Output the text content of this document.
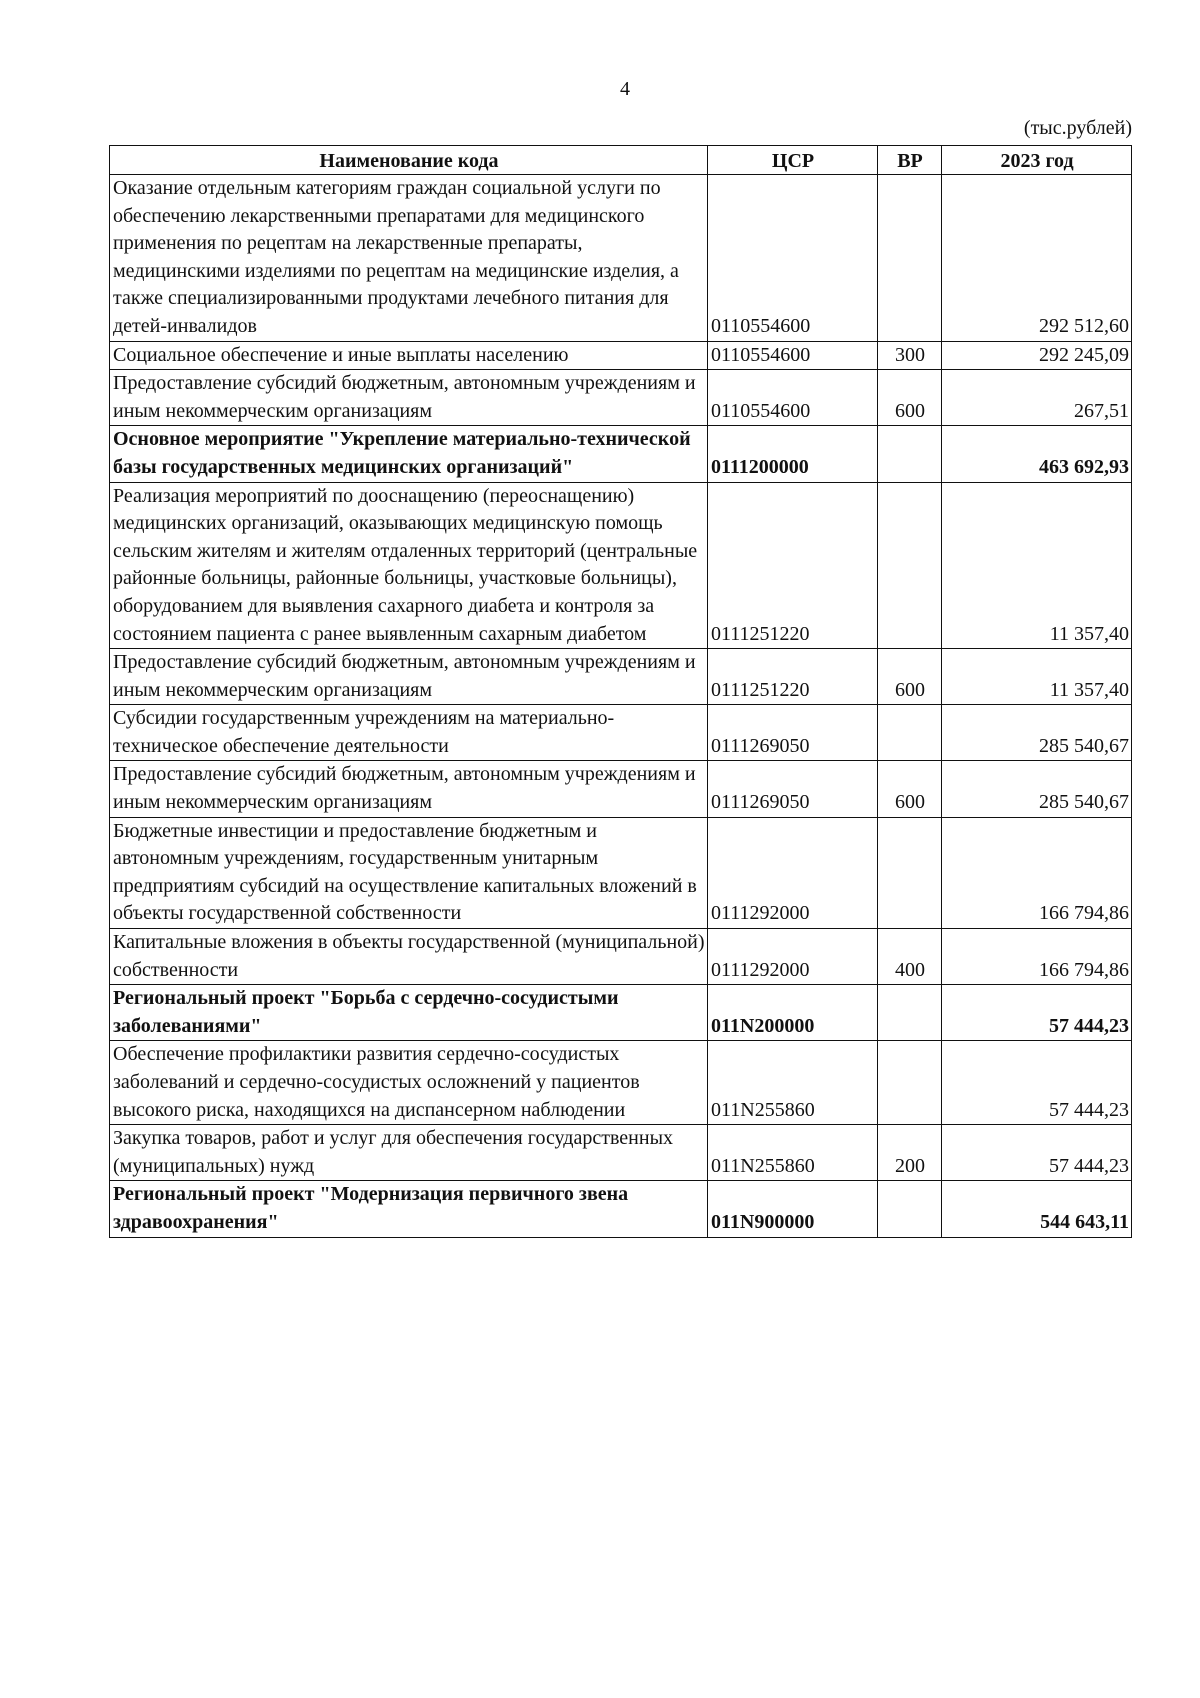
4
(тыс.рублей)
Наименование кода	ЦСР	ВР	2023 год
Оказание отдельным категориям граждан социальной услуги по обеспечению лекарственными препаратами для медицинского применения по рецептам на лекарственные препараты, медицинскими изделиями по рецептам на медицинские изделия, а также специализированными продуктами лечебного питания для детей-инвалидов	0110554600		292 512,60
Социальное обеспечение и иные выплаты населению	0110554600	300	292 245,09
Предоставление субсидий бюджетным, автономным учреждениям и иным некоммерческим организациям	0110554600	600	267,51
Основное мероприятие "Укрепление материально-технической базы государственных медицинских организаций"	0111200000		463 692,93
Реализация мероприятий по дооснащению (переоснащению) медицинских организаций, оказывающих медицинскую помощь сельским жителям и жителям отдаленных территорий (центральные районные больницы, районные больницы, участковые больницы), оборудованием для выявления сахарного диабета и контроля за состоянием пациента с ранее выявленным сахарным диабетом	0111251220		11 357,40
Предоставление субсидий бюджетным, автономным учреждениям и иным некоммерческим организациям	0111251220	600	11 357,40
Субсидии государственным учреждениям на материально-техническое обеспечение деятельности	0111269050		285 540,67
Предоставление субсидий бюджетным, автономным учреждениям и иным некоммерческим организациям	0111269050	600	285 540,67
Бюджетные инвестиции и предоставление бюджетным и автономным учреждениям, государственным унитарным предприятиям субсидий на осуществление капитальных вложений в объекты государственной собственности	0111292000		166 794,86
Капитальные вложения в объекты государственной (муниципальной) собственности	0111292000	400	166 794,86
Региональный проект "Борьба с сердечно-сосудистыми заболеваниями"	011N200000		57 444,23
Обеспечение профилактики развития сердечно-сосудистых заболеваний и сердечно-сосудистых осложнений у пациентов высокого риска, находящихся на диспансерном наблюдении	011N255860		57 444,23
Закупка товаров, работ и услуг для обеспечения государственных (муниципальных) нужд	011N255860	200	57 444,23
Региональный проект "Модернизация первичного звена здравоохранения"	011N900000		544 643,11
